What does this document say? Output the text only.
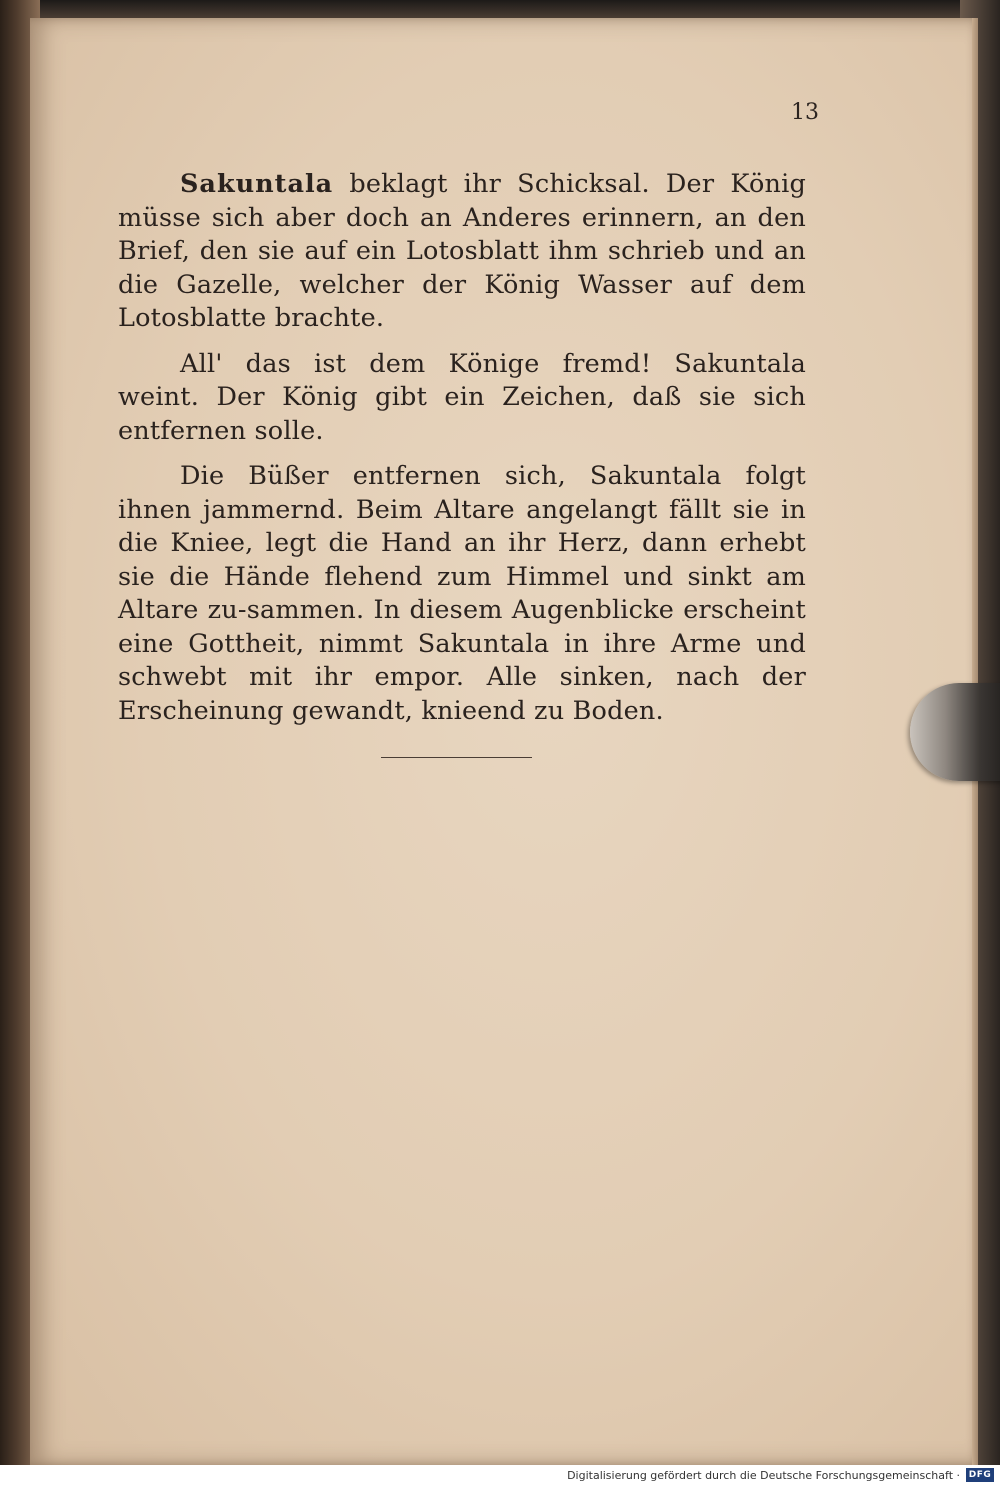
13

Sakuntala beklagt ihr Schicksal. Der König müsse sich aber doch an Anderes erinnern, an den Brief, den sie auf ein Lotosblatt ihm schrieb und an die Gazelle, welcher der König Wasser auf dem Lotosblatte brachte.

All' das ist dem Könige fremd! Sakuntala weint. Der König gibt ein Zeichen, daß sie sich entfernen solle.

Die Büßer entfernen sich, Sakuntala folgt ihnen jammernd. Beim Altare angelangt fällt sie in die Kniee, legt die Hand an ihr Herz, dann erhebt sie die Hände flehend zum Himmel und sinkt am Altare zu-sammen. In diesem Augenblicke erscheint eine Gottheit, nimmt Sakuntala in ihre Arme und schwebt mit ihr empor. Alle sinken, nach der Erscheinung gewandt, knieend zu Boden.

Digitalisierung gefördert durch die Deutsche Forschungsgemeinschaft · DFG
